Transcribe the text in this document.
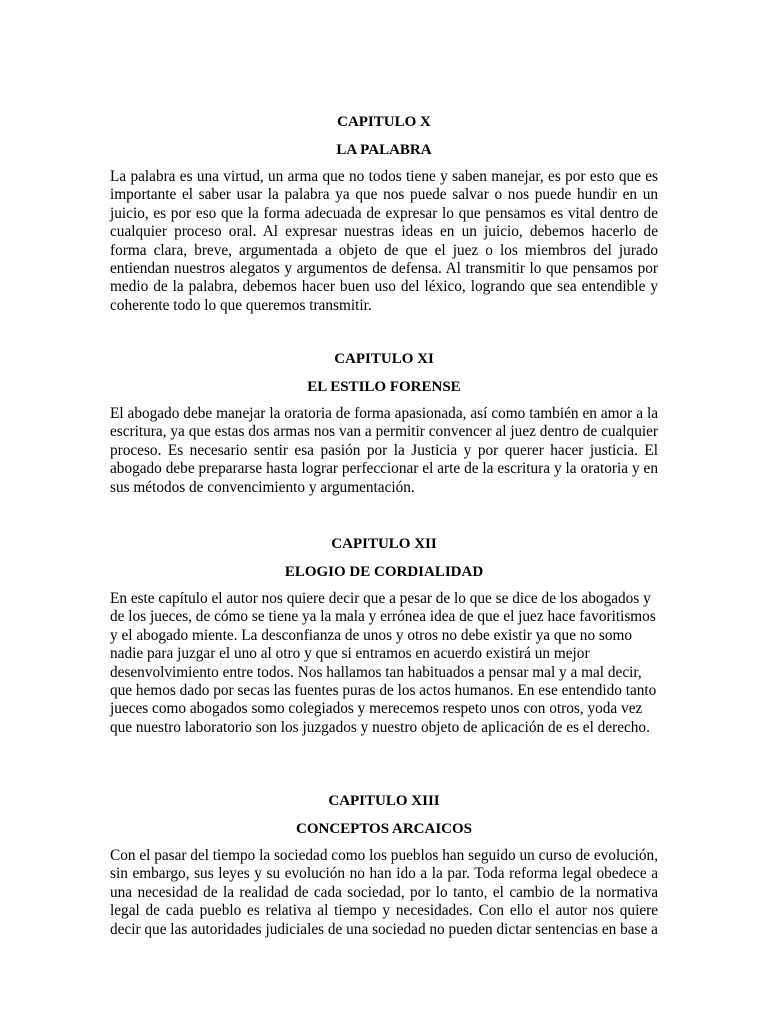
CAPITULO X
LA PALABRA

La palabra es una virtud, un arma que no todos tiene y saben manejar, es por esto que es importante el saber usar la palabra ya que nos puede salvar o nos puede hundir en un juicio, es por eso que la forma adecuada de expresar lo que pensamos es vital dentro de cualquier proceso oral. Al expresar nuestras ideas en un juicio, debemos hacerlo de forma clara, breve, argumentada a objeto de que el juez o los miembros del jurado entiendan nuestros alegatos y argumentos de defensa. Al transmitir lo que pensamos por medio de la palabra, debemos hacer buen uso del léxico, logrando que sea entendible y coherente todo lo que queremos transmitir.

CAPITULO XI
EL ESTILO FORENSE

El abogado debe manejar la oratoria de forma apasionada, así como también en amor a la escritura, ya que estas dos armas nos van a permitir convencer al juez dentro de cualquier proceso. Es necesario sentir esa pasión por la Justicia y por querer hacer justicia. El abogado debe prepararse hasta lograr perfeccionar el arte de la escritura y la oratoria y en sus métodos de convencimiento y argumentación.

CAPITULO XII
ELOGIO DE CORDIALIDAD

En este capítulo el autor nos quiere decir que a pesar de lo que se dice de los abogados y de los jueces, de cómo se tiene ya la mala y errónea idea de que el juez hace favoritismos y el abogado miente. La desconfianza de unos y otros no debe existir ya que no somo nadie para juzgar el uno al otro y que si entramos en acuerdo existirá un mejor desenvolvimiento entre todos. Nos hallamos tan habituados a pensar mal y a mal decir, que hemos dado por secas las fuentes puras de los actos humanos. En ese entendido tanto jueces como abogados somo colegiados y merecemos respeto unos con otros, yoda vez que nuestro laboratorio son los juzgados y nuestro objeto de aplicación de es el derecho.

CAPITULO XIII
CONCEPTOS ARCAICOS

Con el pasar del tiempo la sociedad como los pueblos han seguido un curso de evolución, sin embargo, sus leyes y su evolución no han ido a la par. Toda reforma legal obedece a una necesidad de la realidad de cada sociedad, por lo tanto, el cambio de la normativa legal de cada pueblo es relativa al tiempo y necesidades. Con ello el autor nos quiere decir que las autoridades judiciales de una sociedad no pueden dictar sentencias en base a
